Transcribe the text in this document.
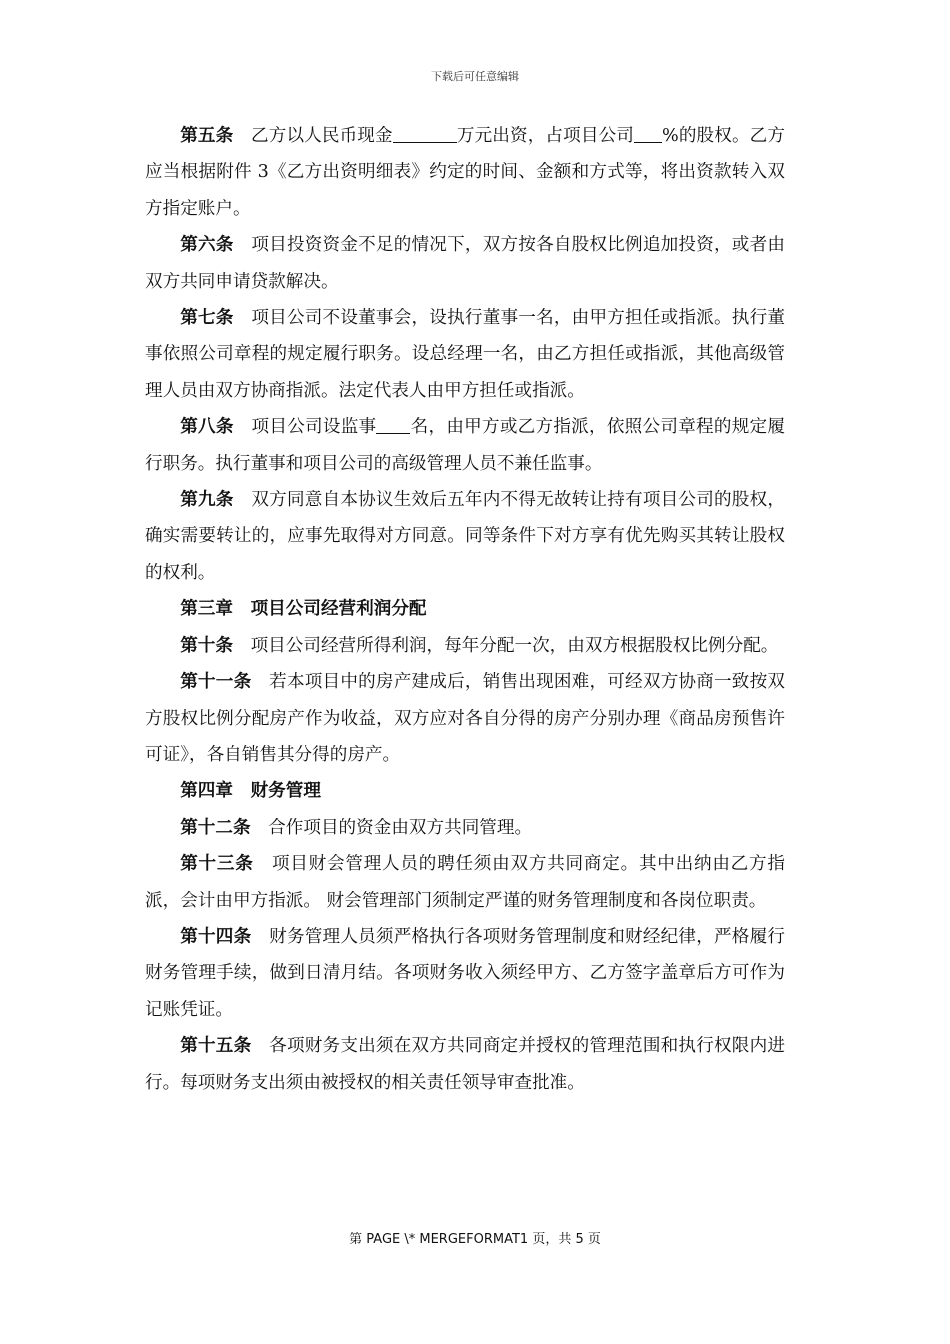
下载后可任意编辑

第五条 乙方以人民币现金	万元出资，占项目公司 %的股权。乙方应当根据附件 3《乙方出资明细表》约定的时间、金额和方式等，将出资款转入双方指定账户。

第六条 项目投资资金不足的情况下，双方按各自股权比例追加投资，或者由双方共同申请贷款解决。

第七条 项目公司不设董事会，设执行董事一名，由甲方担任或指派。执行董事依照公司章程的规定履行职务。设总经理一名，由乙方担任或指派，其他高级管理人员由双方协商指派。法定代表人由甲方担任或指派。

第八条 项目公司设监事 名，由甲方或乙方指派，依照公司章程的规定履行职务。执行董事和项目公司的高级管理人员不兼任监事。

第九条 双方同意自本协议生效后五年内不得无故转让持有项目公司的股权，确实需要转让的，应事先取得对方同意。同等条件下对方享有优先购买其转让股权的权利。

第三章 项目公司经营利润分配

第十条 项目公司经营所得利润，每年分配一次，由双方根据股权比例分配。

第十一条 若本项目中的房产建成后，销售出现困难，可经双方协商一致按双方股权比例分配房产作为收益，双方应对各自分得的房产分别办理《商品房预售许可证》，各自销售其分得的房产。

第四章 财务管理

第十二条 合作项目的资金由双方共同管理。

第十三条 项目财会管理人员的聘任须由双方共同商定。其中出纳由乙方指派，会计由甲方指派。 财会管理部门须制定严谨的财务管理制度和各岗位职责。

第十四条 财务管理人员须严格执行各项财务管理制度和财经纪律，严格履行财务管理手续，做到日清月结。各项财务收入须经甲方、乙方签字盖章后方可作为记账凭证。

第十五条 各项财务支出须在双方共同商定并授权的管理范围和执行权限内进行。每项财务支出须由被授权的相关责任领导审查批准。

第 PAGE \* MERGEFORMAT1 页，共 5 页
